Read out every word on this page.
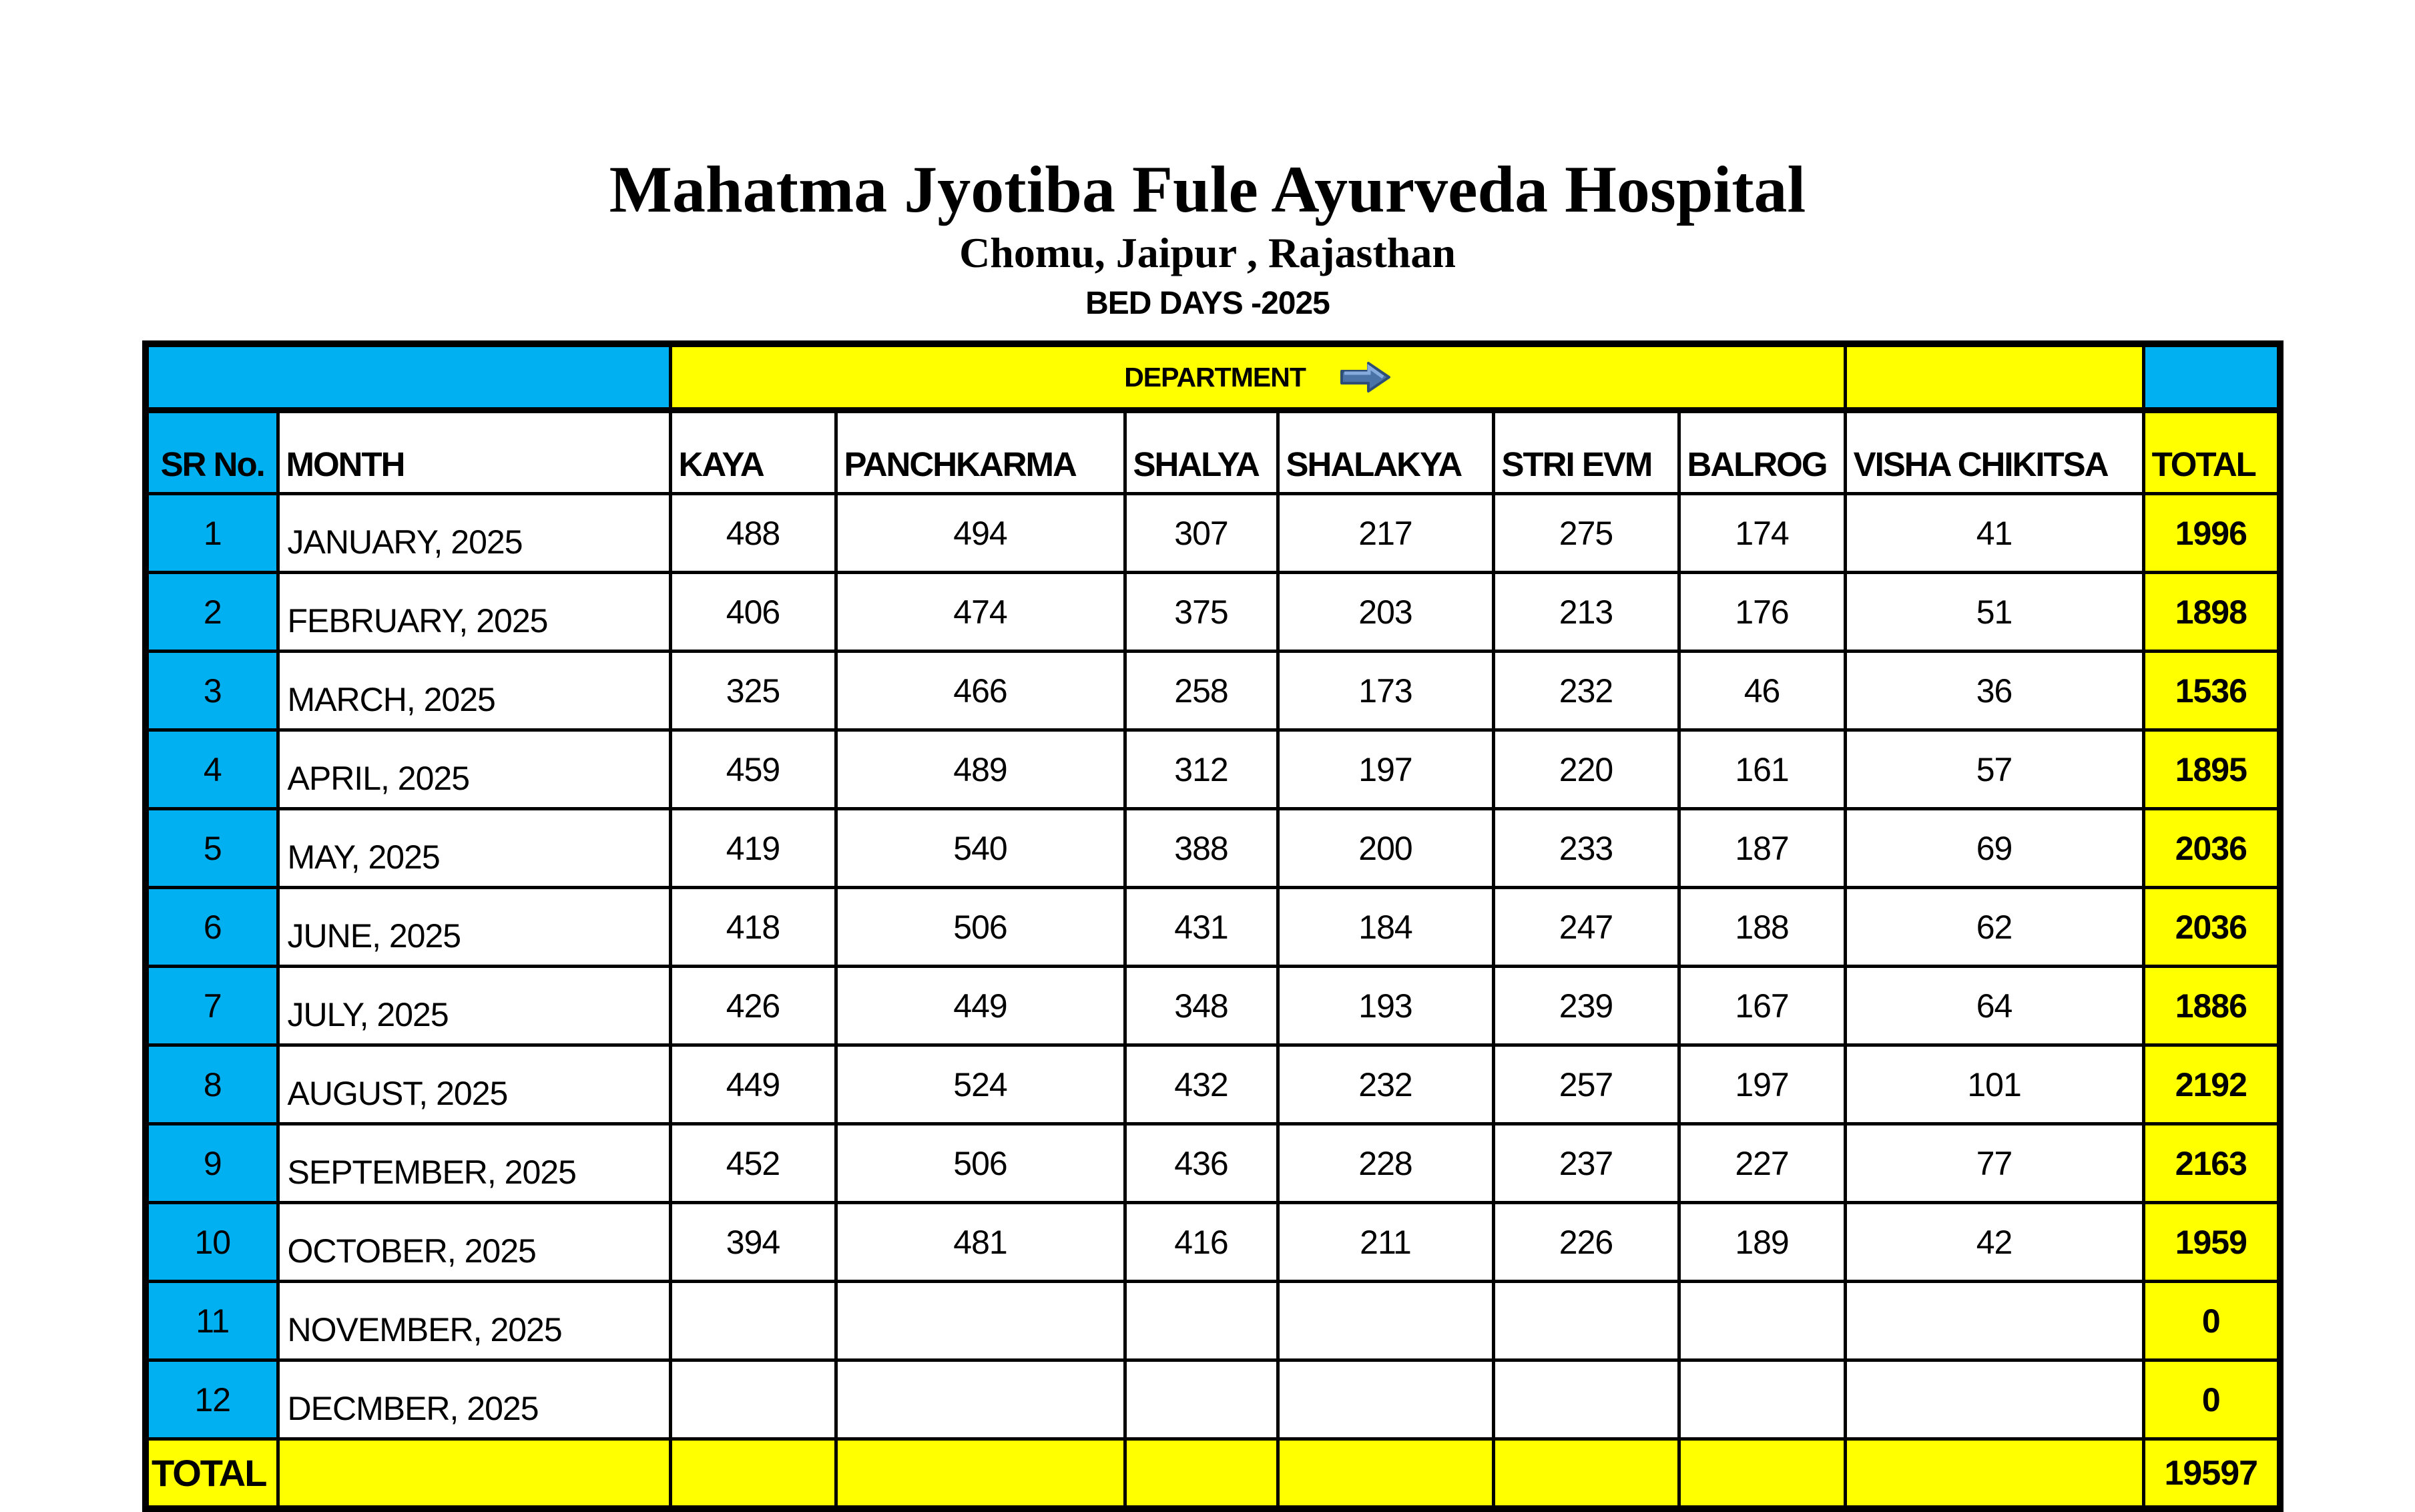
Mahatma Jyotiba Fule Ayurveda Hospital
Chomu, Jaipur , Rajasthan
BED DAYS -2025

		DEPARTMENT							

SR No.	MONTH	KAYA	PANCHKARMA	SHALYA	SHALAKYA	STRI EVM	BALROG	VISHA CHIKITSA	TOTAL
1	JANUARY, 2025	488	494	307	217	275	174	41	1996
2	FEBRUARY, 2025	406	474	375	203	213	176	51	1898
3	MARCH, 2025	325	466	258	173	232	46	36	1536
4	APRIL, 2025	459	489	312	197	220	161	57	1895
5	MAY, 2025	419	540	388	200	233	187	69	2036
6	JUNE, 2025	418	506	431	184	247	188	62	2036
7	JULY, 2025	426	449	348	193	239	167	64	1886
8	AUGUST, 2025	449	524	432	232	257	197	101	2192
9	SEPTEMBER, 2025	452	506	436	228	237	227	77	2163
10	OCTOBER, 2025	394	481	416	211	226	189	42	1959
11	NOVEMBER, 2025								0
12	DECMBER, 2025								0
TOTAL									19597
